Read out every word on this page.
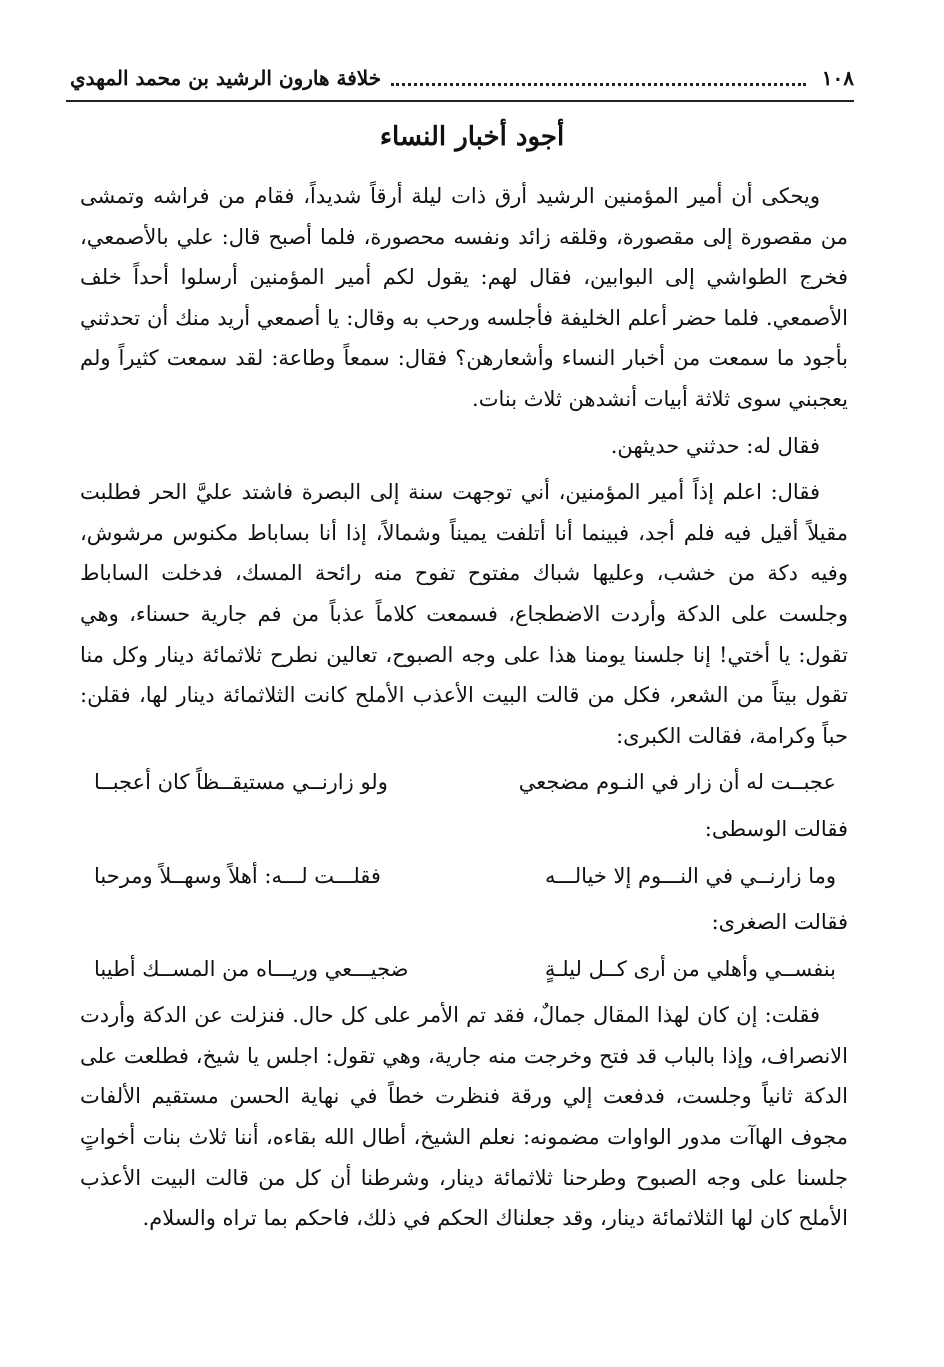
١٠٨
خلافة هارون الرشيد بن محمد المهدي
أجود أخبار النساء

ويحكى أن أمير المؤمنين الرشيد أرق ذات ليلة أرقاً شديداً، فقام من فراشه وتمشى من مقصورة إلى مقصورة، وقلقه زائد ونفسه محصورة، فلما أصبح قال: علي بالأصمعي، فخرج الطواشي إلى البوابين، فقال لهم: يقول لكم أمير المؤمنين أرسلوا أحداً خلف الأصمعي. فلما حضر أعلم الخليفة فأجلسه ورحب به وقال: يا أصمعي أريد منك أن تحدثني بأجود ما سمعت من أخبار النساء وأشعارهن؟ فقال: سمعاً وطاعة: لقد سمعت كثيراً ولم يعجبني سوى ثلاثة أبيات أنشدهن ثلاث بنات.

فقال له: حدثني حديثهن.

فقال: اعلم إذاً أمير المؤمنين، أني توجهت سنة إلى البصرة فاشتد عليَّ الحر فطلبت مقيلاً أقيل فيه فلم أجد، فبينما أنا أتلفت يميناً وشمالاً، إذا أنا بساباط مكنوس مرشوش، وفيه دكة من خشب، وعليها شباك مفتوح تفوح منه رائحة المسك، فدخلت الساباط وجلست على الدكة وأردت الاضطجاع، فسمعت كلاماً عذباً من فم جارية حسناء، وهي تقول: يا أختي! إنا جلسنا يومنا هذا على وجه الصبوح، تعالين نطرح ثلاثمائة دينار وكل منا تقول بيتاً من الشعر، فكل من قالت البيت الأعذب الأملح كانت الثلاثمائة دينار لها، فقلن: حباً وكرامة، فقالت الكبرى:

عجبــت له أن زار في النـوم مضجعي
ولو زارنــي مستيقــظاً كان أعجبــا

فقالت الوسطى:

وما زارنــي في النـــوم إلا خيالـــه
فقلـــت لـــه: أهلاً وسهــلاً ومرحبا

فقالت الصغرى:

بنفســي وأهلي من أرى كــل ليلـةٍ
ضجيـــعي وريـــاه من المســك أطيبا

فقلت: إن كان لهذا المقال جمالٌ، فقد تم الأمر على كل حال. فنزلت عن الدكة وأردت الانصراف، وإذا بالباب قد فتح وخرجت منه جارية، وهي تقول: اجلس يا شيخ، فطلعت على الدكة ثانياً وجلست، فدفعت إلي ورقة فنظرت خطاً في نهاية الحسن مستقيم الألفات مجوف الهاآت مدور الواوات مضمونه: نعلم الشيخ، أطال الله بقاءه، أننا ثلاث بنات أخواتٍ جلسنا على وجه الصبوح وطرحنا ثلاثمائة دينار، وشرطنا أن كل من قالت البيت الأعذب الأملح كان لها الثلاثمائة دينار، وقد جعلناك الحكم في ذلك، فاحكم بما تراه والسلام.
